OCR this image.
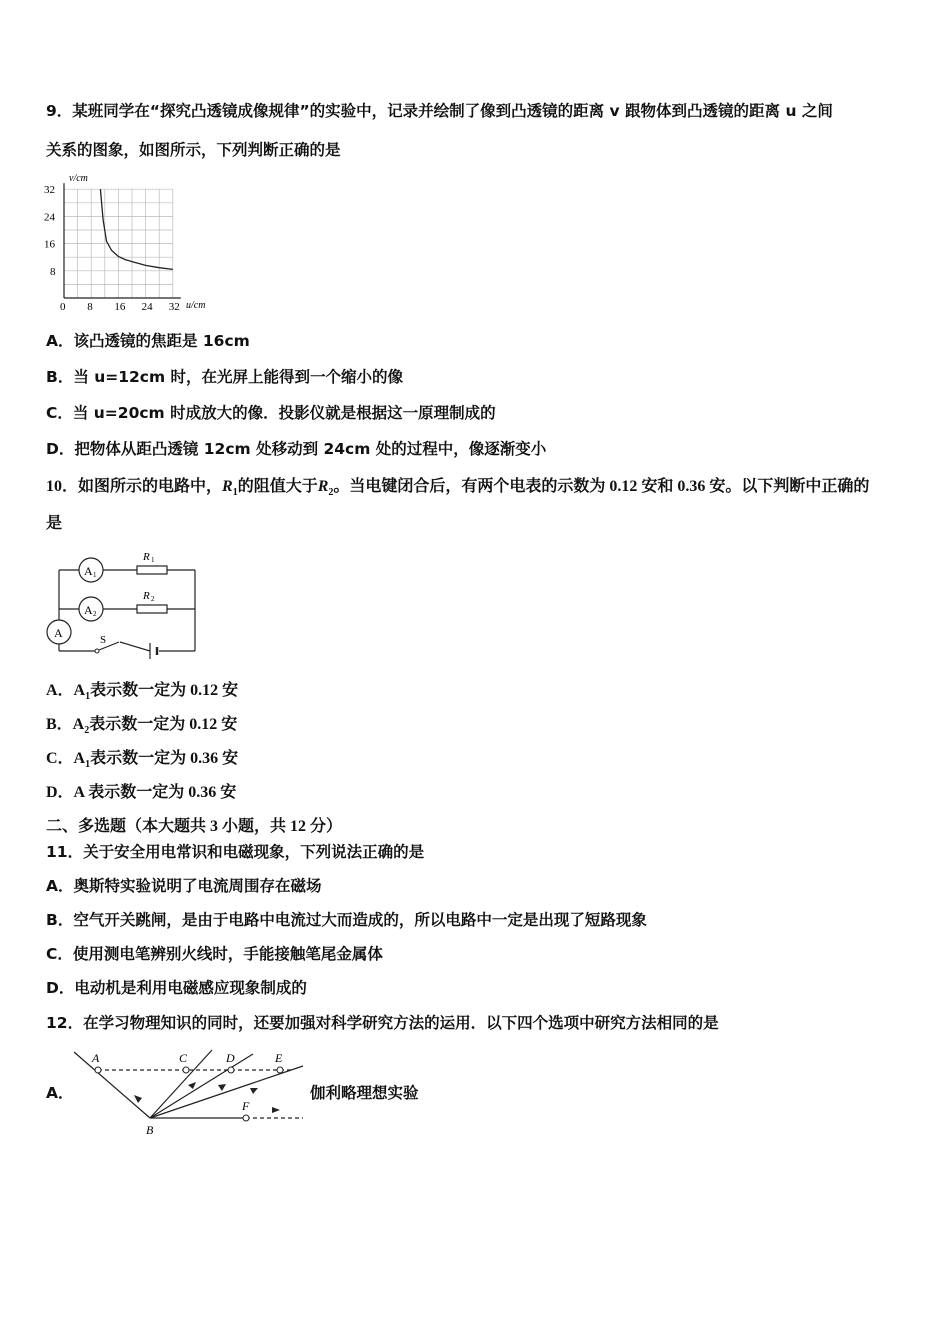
9．某班同学在“探究凸透镜成像规律”的实验中，记录并绘制了像到凸透镜的距离 v 跟物体到凸透镜的距离 u 之间
关系的图象，如图所示，下列判断正确的是
0 8 16 24 32
8
16
24
32
v/cm
u/cm
A．该凸透镜的焦距是 16cm
B．当 u=12cm 时，在光屏上能得到一个缩小的像
C．当 u=20cm 时成放大的像．投影仪就是根据这一原理制成的
D．把物体从距凸透镜 12cm 处移动到 24cm 处的过程中，像逐渐变小
10．如图所示的电路中，$R_1$的阻值大于$R_2$。当电键闭合后，有两个电表的示数为 0.12 安和 0.36 安。以下判断中正确的
是
A 1
A 2
A
R 1
R 2
S
A．$A_1$表示数一定为 0.12 安
B．$A_2$表示数一定为 0.12 安
C．$A_1$表示数一定为 0.36 安
D．A 表示数一定为 0.36 安
二、多选题（本大题共 3 小题，共 12 分）
11．关于安全用电常识和电磁现象，下列说法正确的是
A．奥斯特实验说明了电流周围存在磁场
B．空气开关跳闸，是由于电路中电流过大而造成的，所以电路中一定是出现了短路现象
C．使用测电笔辨别火线时，手能接触笔尾金属体
D．电动机是利用电磁感应现象制成的
12．在学习物理知识的同时，还要加强对科学研究方法的运用．以下四个选项中研究方法相同的是
A．
A	C	D	E
B
F
伽利略理想实验
